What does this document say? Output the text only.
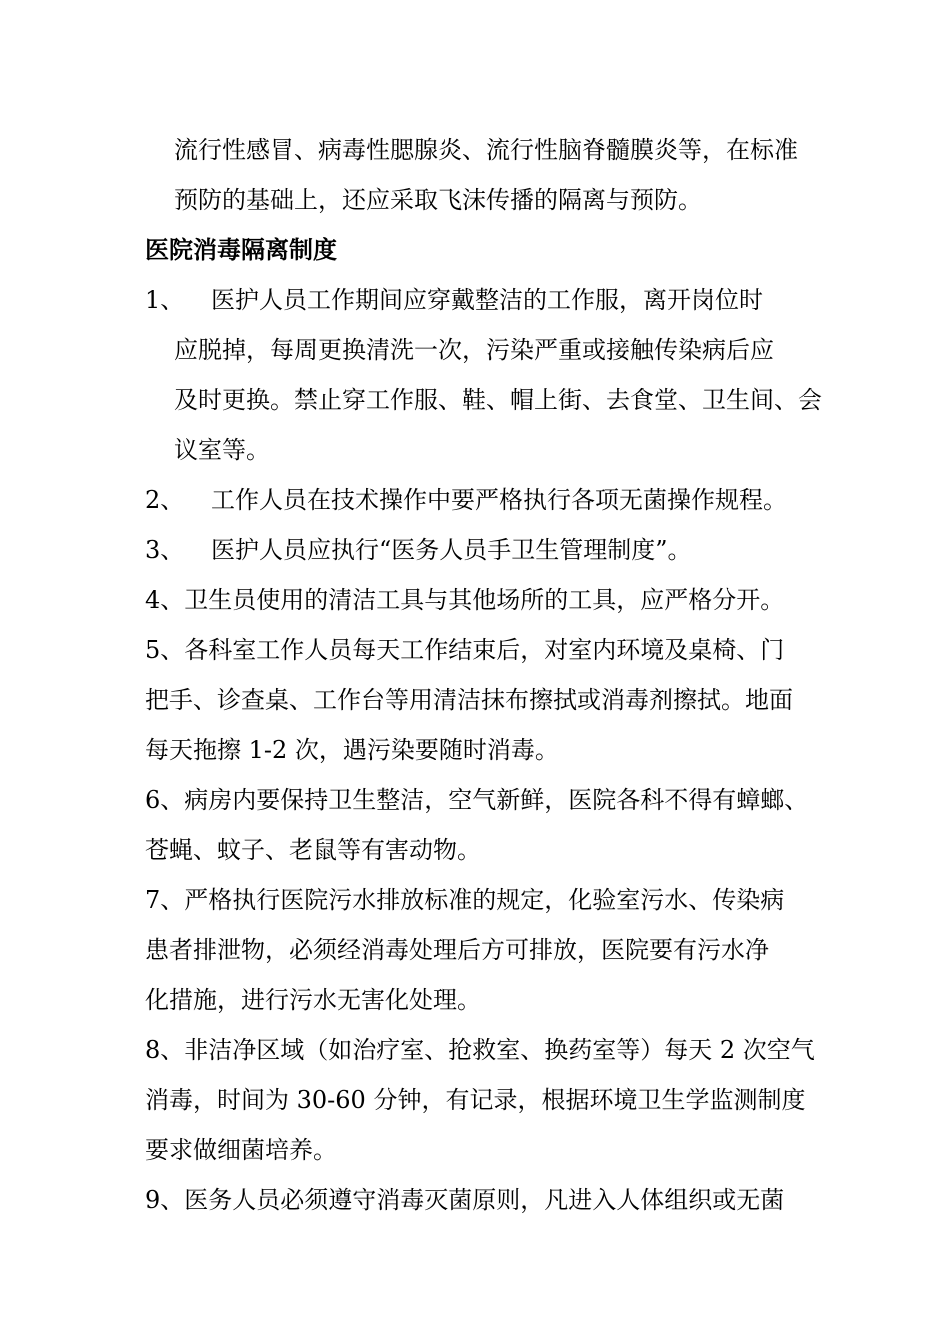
流行性感冒、病毒性腮腺炎、流行性脑脊髓膜炎等，在标准
预防的基础上，还应采取飞沫传播的隔离与预防。
医院消毒隔离制度
1、 医护人员工作期间应穿戴整洁的工作服，离开岗位时
应脱掉，每周更换清洗一次，污染严重或接触传染病后应
及时更换。禁止穿工作服、鞋、帽上街、去食堂、卫生间、会
议室等。
2、 工作人员在技术操作中要严格执行各项无菌操作规程。
3、 医护人员应执行“医务人员手卫生管理制度”。
4、卫生员使用的清洁工具与其他场所的工具，应严格分开。
5、各科室工作人员每天工作结束后，对室内环境及桌椅、门
把手、诊查桌、工作台等用清洁抹布擦拭或消毒剂擦拭。地面
每天拖擦 1-2 次，遇污染要随时消毒。
6、病房内要保持卫生整洁，空气新鲜，医院各科不得有蟑螂、
苍蝇、蚊子、老鼠等有害动物。
7、严格执行医院污水排放标准的规定，化验室污水、传染病
患者排泄物，必须经消毒处理后方可排放，医院要有污水净
化措施，进行污水无害化处理。
8、非洁净区域（如治疗室、抢救室、换药室等）每天 2 次空气
消毒，时间为 30-60 分钟，有记录，根据环境卫生学监测制度
要求做细菌培养。
9、医务人员必须遵守消毒灭菌原则，凡进入人体组织或无菌
